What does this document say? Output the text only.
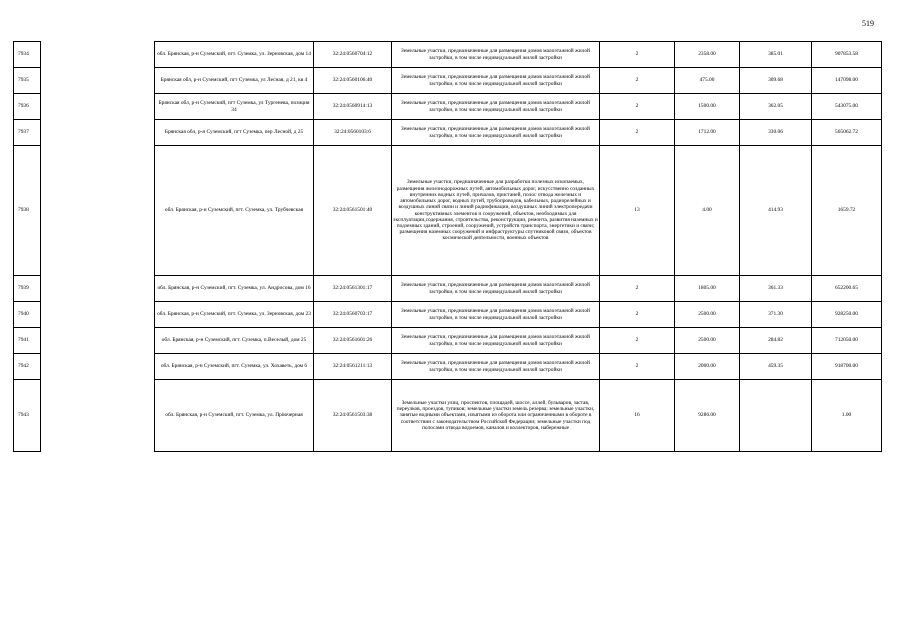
519
7934		обл. Брянская, р-н Суземский, пгт. Суземка, ул. Зерновская, дом 14	32:24:0560704:12	Земельные участки, предназначенные для размещения домов малоэтажной жилой застройки, в том числе индивидуальной жилой застройки	2	2358.00	385.01	907853.58
7935		Брянская обл, р-н Суземский, пгт Суземка, ул Лесная, д 21, кв 4	32:24:0560106:40	Земельные участки, предназначенные для размещения домов малоэтажной жилой застройки, в том числе индивидуальной жилой застройки	2	475.00	309.68	147098.00
7936		Брянская обл, р-н Суземский, пгт Суземка, ул Тургенева, позиция 34	32:24:0560914:13	Земельные участки, предназначенные для размещения домов малоэтажной жилой застройки, в том числе индивидуальной жилой застройки	2	1500.00	362.05	543075.00
7937		Брянская обл, р-н Суземский, пгт Суземка, пер Лесной, д 25	32:24:0560103:6	Земельные участки, предназначенные для размещения домов малоэтажной жилой застройки, в том числе индивидуальной жилой застройки	2	1712.00	330.06	565062.72
7938		обл. Брянская, р-н Суземский, пгт. Суземка, ул. Трубчевская	32:24:0561501:40	Земельные участки, предназначенные для разработки полезных ископаемых, размещения железнодорожных путей, автомобильных дорог, искусственно созданных внутренних водных путей, причалов, пристаней, полос отвода железных и автомобильных дорог, водных путей, трубопроводов, кабельных, радиорелейных и воздушных линий связи и линий радиофикации, воздушных линий электропередачи конструктивных элементов и сооружений, объектов, необходимых для эксплуатации,содержания, строительства, реконструкции, ремонта, развития наземных и подземных зданий, строений, сооружений, устройств транспорта, энергетики и связи; размещения наземных сооружений и инфраструктуры спутниковой связи, объектов космической деятельности, военных объектов	13	4.00	414.93	1659.72
7939		обл. Брянская, р-н Суземский, пгт. Суземка, ул. Андросова, дом 16	32:24:0561301:17	Земельные участки, предназначенные для размещения домов малоэтажной жилой застройки, в том числе индивидуальной жилой застройки	2	1805.00	361.33	652200.65
7940		обл. Брянская, р-н Суземский, пгт. Суземка, ул. Зерновская, дом 23	32:24:0560703:17	Земельные участки, предназначенные для размещения домов малоэтажной жилой застройки, в том числе индивидуальной жилой застройки	2	2500.00	371.30	928250.00
7941		обл. Брянская, р-н Суземский, пгт. Суземка, п.Веселый, дом 25	32:24:0561601:26	Земельные участки, предназначенные для размещения домов малоэтажной жилой застройки, в том числе индивидуальной жилой застройки	2	2500.00	284.82	712050.00
7942		обл. Брянская, р-н Суземский, пгт. Суземка, ул. Хохаветь, дом 6	32:24:0561211:13	Земельные участки, предназначенные для размещения домов малоэтажной жилой застройки, в том числе индивидуальной жилой застройки	2	2000.00	459.35	918700.00
7943		обл. Брянская, р-н Суземский, пгт. Суземка, ул. Пріючерная	32:24:0561503:38	Земельные участки улиц, проспектов, площадей, шоссе, аллей, бульваров, застав, переулков, проездов, тупиков; земельные участки земель резерва; земельные участки, занятые водными объектами, изъятыми из оборота или ограниченными в обороте в соответствии с законодательством Российской Федерации; земельные участки под полосами отвода водоемов, каналов и коллекторов, набережные	16	9286.00		1.00
